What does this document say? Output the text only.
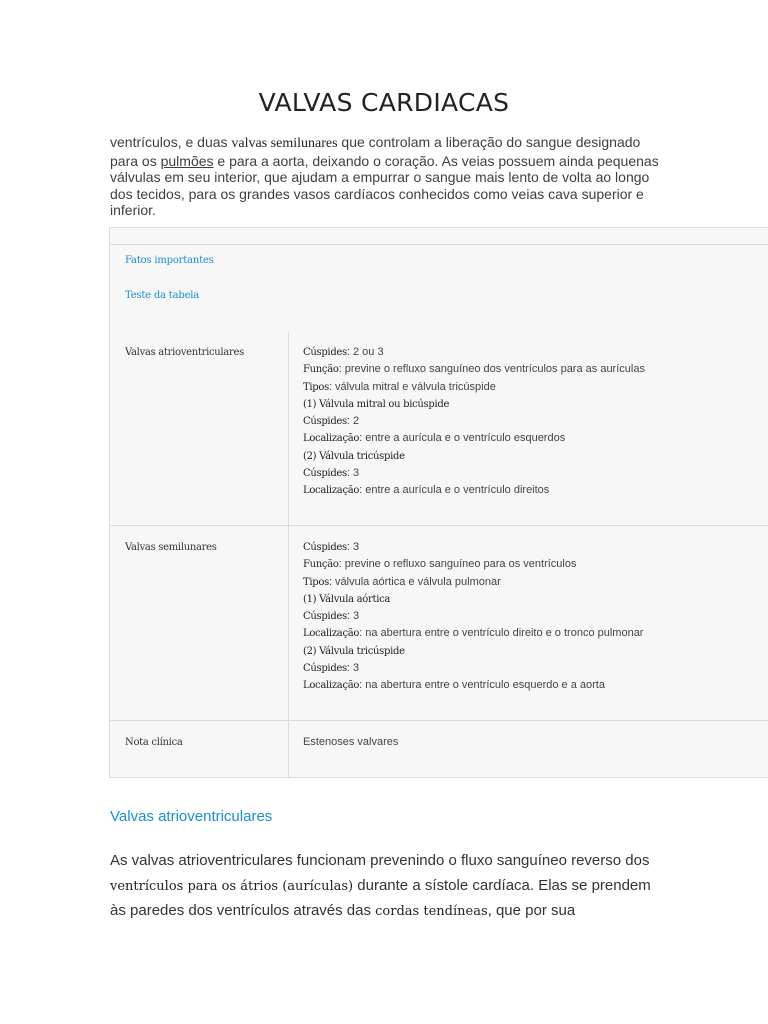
VALVAS CARDIACAS
ventrículos, e duas valvas semilunares que controlam a liberação do sangue designado para os pulmões e para a aorta, deixando o coração. As veias possuem ainda pequenas válvulas em seu interior, que ajudam a empurrar o sangue mais lento de volta ao longo dos tecidos, para os grandes vasos cardíacos conhecidos como veias cava superior e inferior.
Fatos importantes
Teste da tabela
Valvas atrioventriculares	Cúspides: 2 ou 3
Função: previne o refluxo sanguíneo dos ventrículos para as aurículas
Tipos: válvula mitral e válvula tricúspide
(1) Válvula mitral ou bicúspide
Cúspides: 2
Localização: entre a aurícula e o ventrículo esquerdos
(2) Válvula tricúspide
Cúspides: 3
Localização: entre a aurícula e o ventrículo direitos
Valvas semilunares	Cúspides: 3
Função: previne o refluxo sanguíneo para os ventrículos
Tipos: válvula aórtica e válvula pulmonar
(1) Válvula aórtica
Cúspides: 3
Localização: na abertura entre o ventrículo direito e o tronco pulmonar
(2) Válvula tricúspide
Cúspides: 3
Localização: na abertura entre o ventrículo esquerdo e a aorta
Nota clínica	Estenoses valvares
Valvas atrioventriculares
As valvas atrioventriculares funcionam prevenindo o fluxo sanguíneo reverso dos ventrículos para os átrios (aurículas) durante a sístole cardíaca. Elas se prendem às paredes dos ventrículos através das cordas tendíneas, que por sua
